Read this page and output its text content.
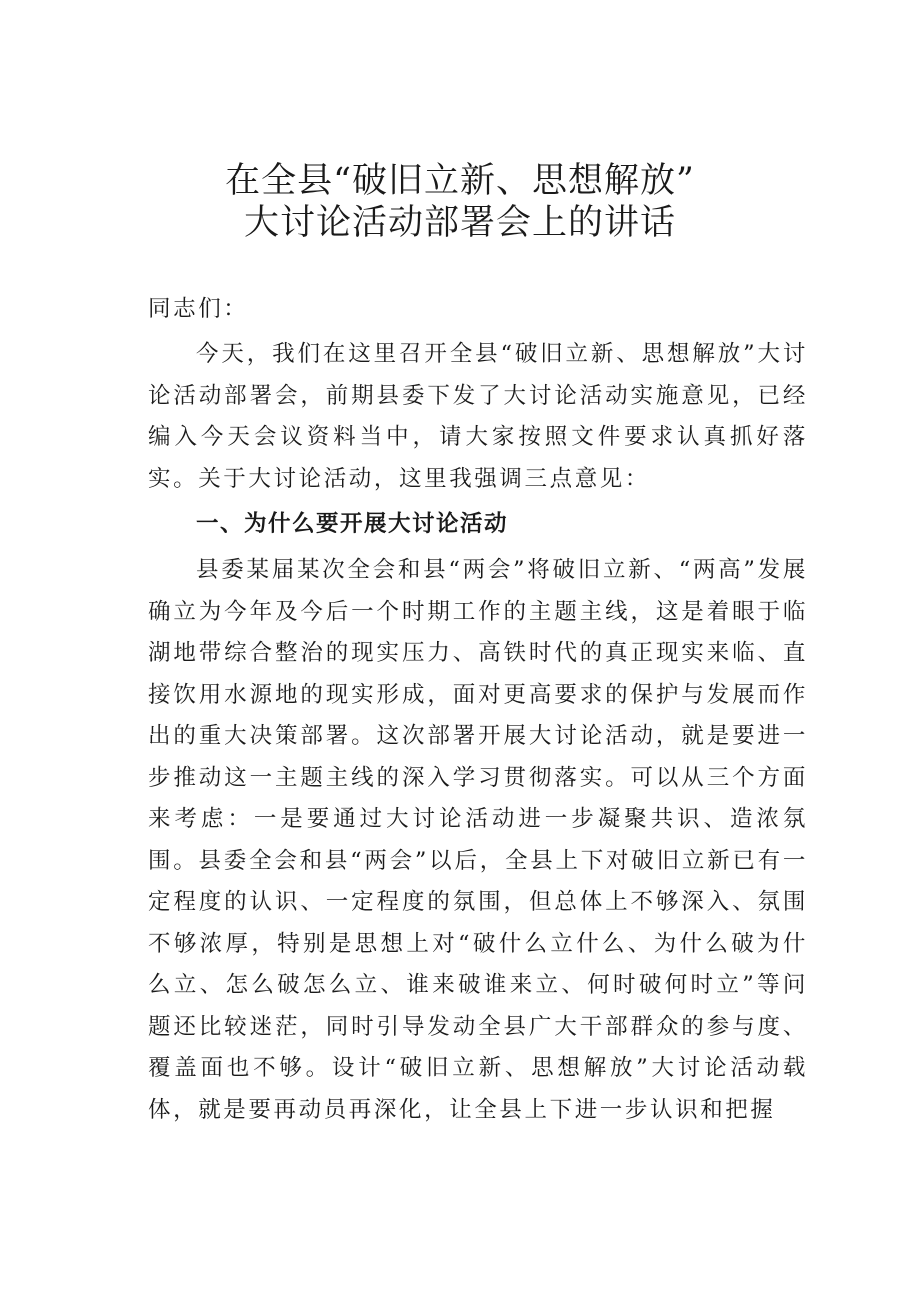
在全县“破旧立新、思想解放”
大讨论活动部署会上的讲话
同志们：
今天，我们在这里召开全县“破旧立新、思想解放”大讨论活动部署会，前期县委下发了大讨论活动实施意见，已经编入今天会议资料当中，请大家按照文件要求认真抓好落实。关于大讨论活动，这里我强调三点意见：
一、为什么要开展大讨论活动
县委某届某次全会和县“两会”将破旧立新、“两高”发展确立为今年及今后一个时期工作的主题主线，这是着眼于临湖地带综合整治的现实压力、高铁时代的真正现实来临、直接饮用水源地的现实形成，面对更高要求的保护与发展而作出的重大决策部署。这次部署开展大讨论活动，就是要进一步推动这一主题主线的深入学习贯彻落实。可以从三个方面来考虑：一是要通过大讨论活动进一步凝聚共识、造浓氛围。县委全会和县“两会”以后，全县上下对破旧立新已有一定程度的认识、一定程度的氛围，但总体上不够深入、氛围不够浓厚，特别是思想上对“破什么立什么、为什么破为什么立、怎么破怎么立、谁来破谁来立、何时破何时立”等问题还比较迷茫，同时引导发动全县广大干部群众的参与度、覆盖面也不够。设计“破旧立新、思想解放”大讨论活动载体，就是要再动员再深化，让全县上下进一步认识和把握
